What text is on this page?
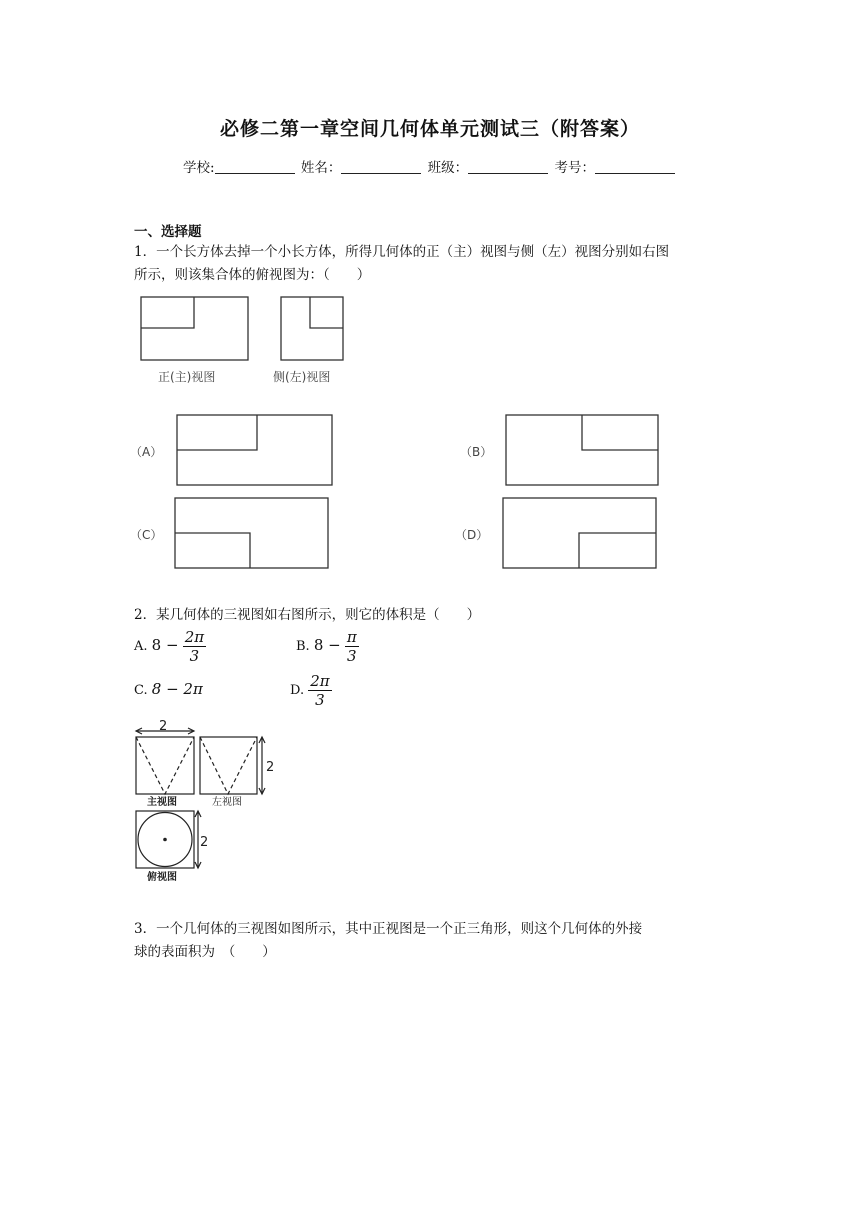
必修二第一章空间几何体单元测试三（附答案）
学校:	姓名：	班级：	考号：
一、选择题
1．一个长方体去掉一个小长方体，所得几何体的正（主）视图与侧（左）视图分别如右图
所示，则该集合体的俯视图为：（　　）
正(主)视图	侧(左)视图
（A）	（B）
（C）	（D）
2．某几何体的三视图如右图所示，则它的体积是（　　）
A. $8 - \frac{2\pi}{3}$	B. $8 - \frac{\pi}{3}$
C. 8 − 2π	D. $\frac{2\pi}{3}$
2
2
2
主视图	左视图
俯视图
3．一个几何体的三视图如图所示，其中正视图是一个正三角形，则这个几何体的外接
球的表面积为　（　　）
